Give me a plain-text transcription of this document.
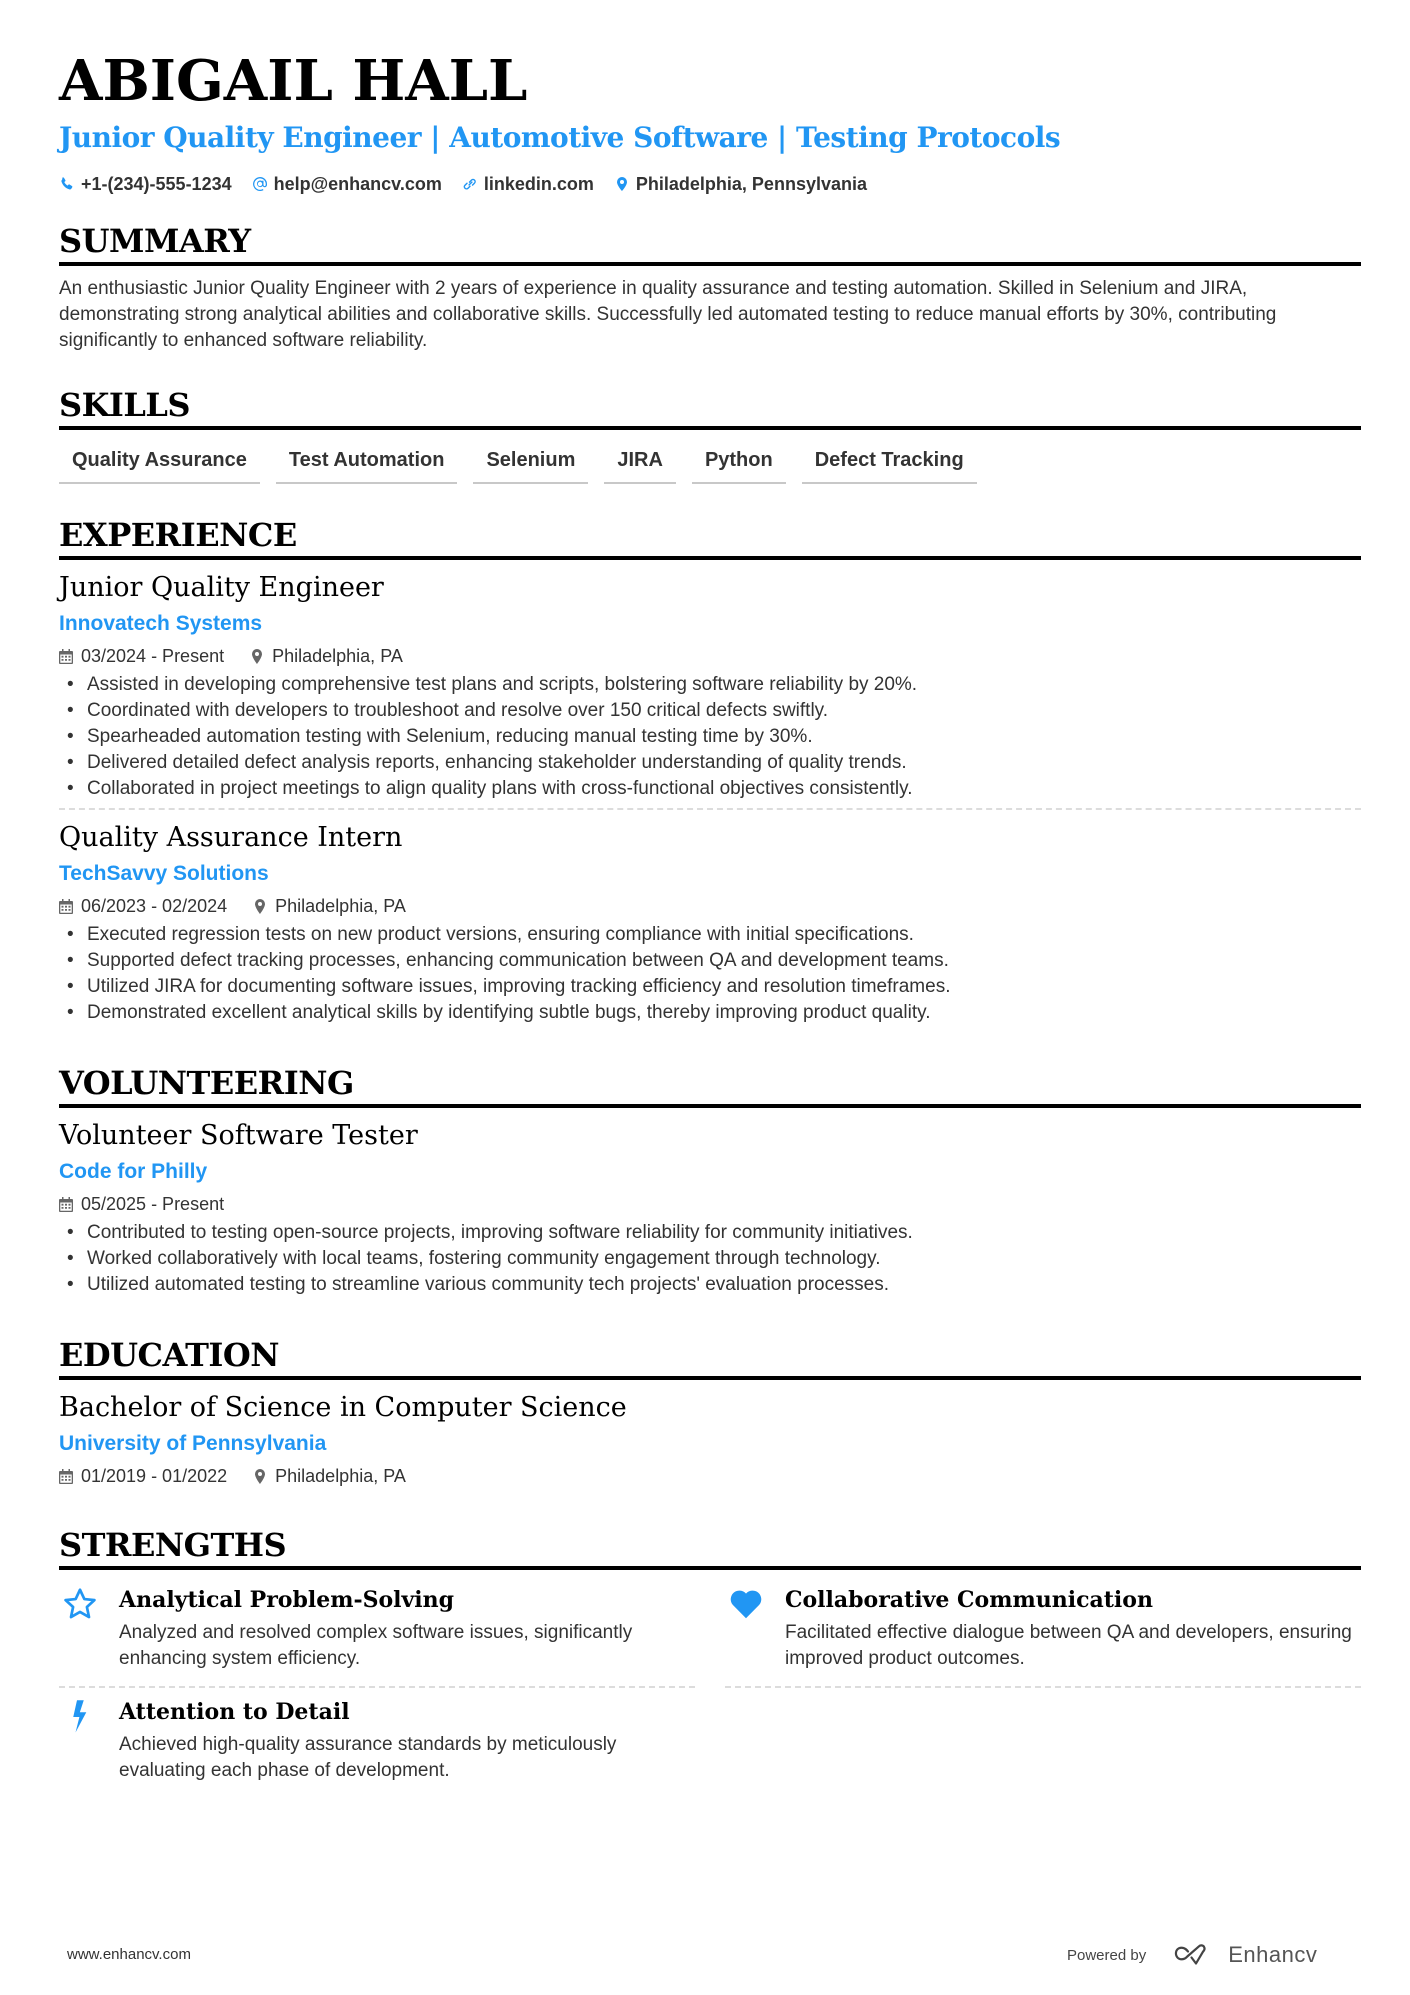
ABIGAIL HALL
Junior Quality Engineer | Automotive Software | Testing Protocols
+1-(234)-555-1234 help@enhancv.com linkedin.com Philadelphia, Pennsylvania
SUMMARY

An enthusiastic Junior Quality Engineer with 2 years of experience in quality assurance and testing automation. Skilled in Selenium and JIRA, demonstrating strong analytical abilities and collaborative skills. Successfully led automated testing to reduce manual efforts by 30%, contributing significantly to enhanced software reliability.

SKILLS
Quality Assurance	Test Automation	Selenium	JIRA	Python	Defect Tracking
EXPERIENCE
Junior Quality Engineer
Innovatech Systems
03/2024 - Present	Philadelphia, PA
• Assisted in developing comprehensive test plans and scripts, bolstering software reliability by 20%.
• Coordinated with developers to troubleshoot and resolve over 150 critical defects swiftly.
• Spearheaded automation testing with Selenium, reducing manual testing time by 30%.
• Delivered detailed defect analysis reports, enhancing stakeholder understanding of quality trends.
• Collaborated in project meetings to align quality plans with cross-functional objectives consistently.
Quality Assurance Intern
TechSavvy Solutions
06/2023 - 02/2024	Philadelphia, PA
• Executed regression tests on new product versions, ensuring compliance with initial specifications.
• Supported defect tracking processes, enhancing communication between QA and development teams.
• Utilized JIRA for documenting software issues, improving tracking efficiency and resolution timeframes.
• Demonstrated excellent analytical skills by identifying subtle bugs, thereby improving product quality.
VOLUNTEERING
Volunteer Software Tester
Code for Philly
05/2025 - Present
• Contributed to testing open-source projects, improving software reliability for community initiatives.
• Worked collaboratively with local teams, fostering community engagement through technology.
• Utilized automated testing to streamline various community tech projects' evaluation processes.
EDUCATION
Bachelor of Science in Computer Science
University of Pennsylvania
01/2019 - 01/2022	Philadelphia, PA
STRENGTHS
Analytical Problem-Solving

Analyzed and resolved complex software issues, significantly enhancing system efficiency.

Collaborative Communication

Facilitated effective dialogue between QA and developers, ensuring improved product outcomes.

Attention to Detail

Achieved high-quality assurance standards by meticulously evaluating each phase of development.

www.enhancv.com	Powered by	Enhancv
